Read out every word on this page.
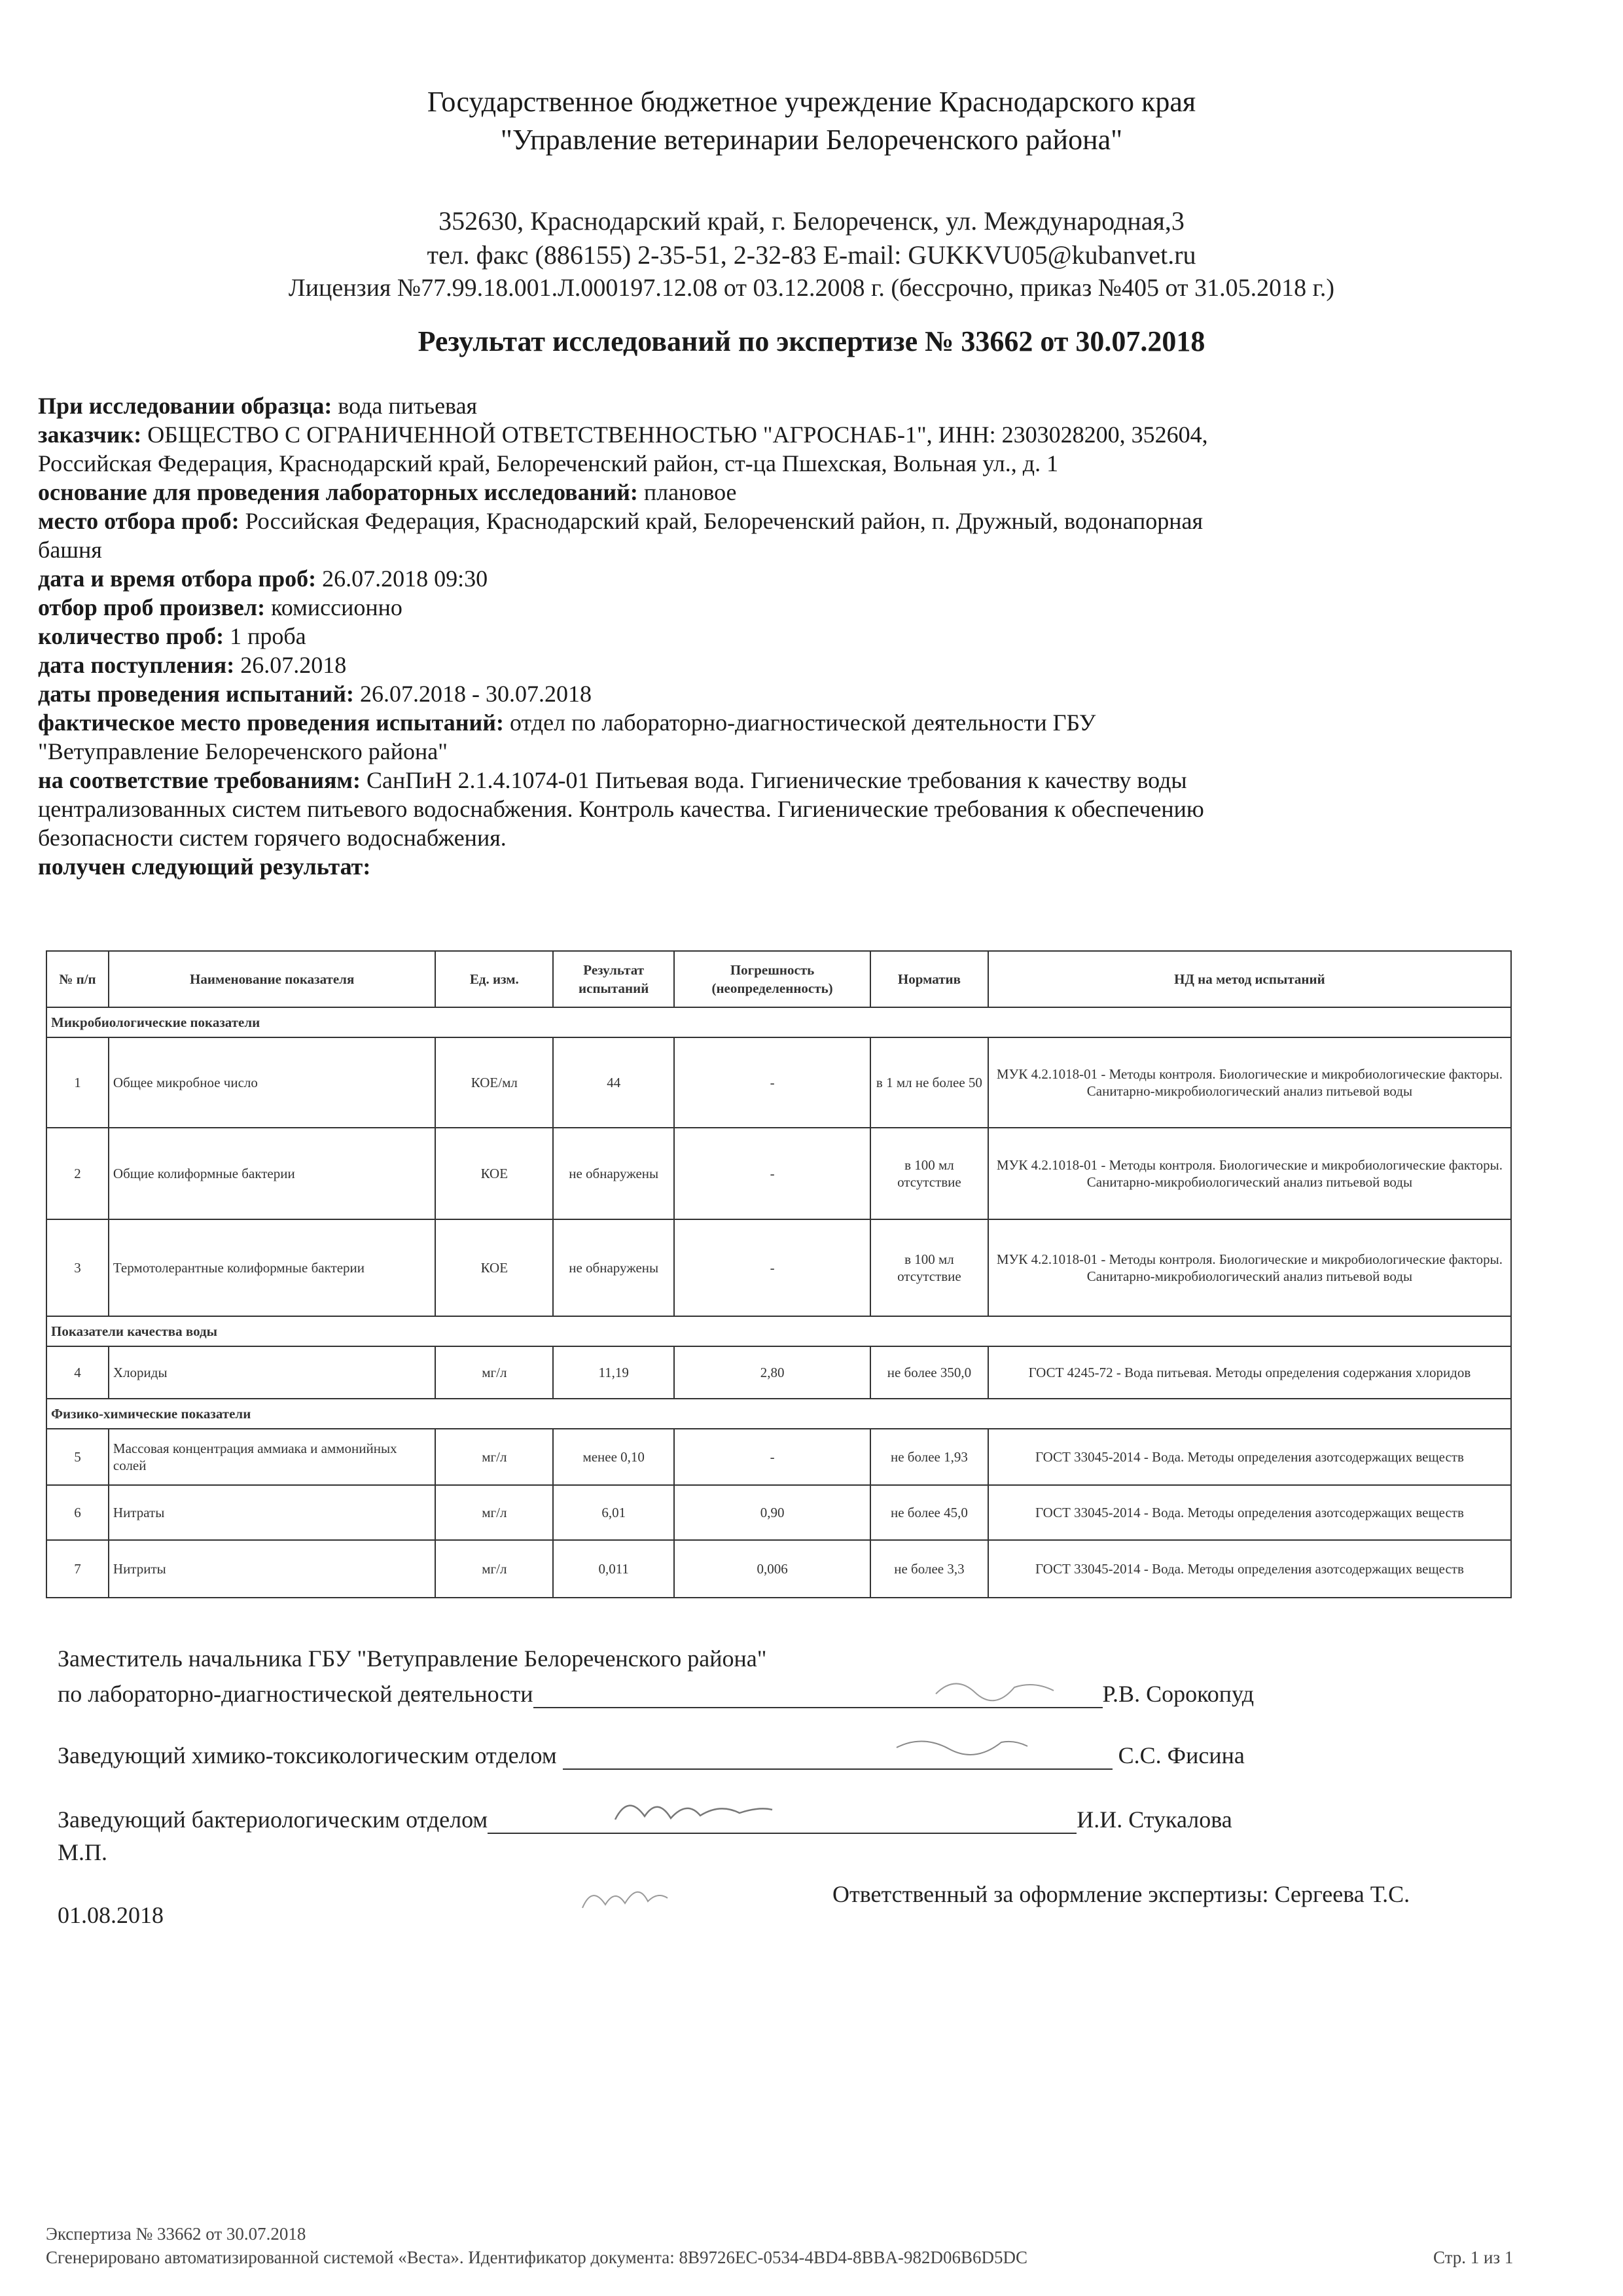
Государственное бюджетное учреждение Краснодарского края
"Управление ветеринарии Белореченского района"
352630, Краснодарский край, г. Белореченск, ул. Международная,3
тел. факс (886155) 2-35-51, 2-32-83 E-mail: GUKKVU05@kubanvet.ru
Лицензия №77.99.18.001.Л.000197.12.08 от 03.12.2008 г. (бессрочно, приказ №405 от 31.05.2018 г.)
Результат исследований по экспертизе № 33662 от 30.07.2018

При исследовании образца: вода питьевая

заказчик: ОБЩЕСТВО С ОГРАНИЧЕННОЙ ОТВЕТСТВЕННОСТЬЮ "АГРОСНАБ-1", ИНН: 2303028200, 352604,

Российская Федерация, Краснодарский край, Белореченский район, ст-ца Пшехская, Вольная ул., д. 1

основание для проведения лабораторных исследований: плановое

место отбора проб: Российская Федерация, Краснодарский край, Белореченский район, п. Дружный, водонапорная

башня

дата и время отбора проб: 26.07.2018 09:30

отбор проб произвел: комиссионно

количество проб: 1 проба

дата поступления: 26.07.2018

даты проведения испытаний: 26.07.2018 - 30.07.2018

фактическое место проведения испытаний: отдел по лабораторно-диагностической деятельности ГБУ

"Ветуправление Белореченского района"

на соответствие требованиям: СанПиН 2.1.4.1074-01 Питьевая вода. Гигиенические требования к качеству воды

централизованных систем питьевого водоснабжения. Контроль качества. Гигиенические требования к обеспечению

безопасности систем горячего водоснабжения.

получен следующий результат:

№ п/п	Наименование показателя	Ед. изм.	Результат испытаний	Погрешность (неопределенность)	Норматив	НД на метод испытаний
Микробиологические показатели						
1	Общее микробное число	КОЕ/мл	44	-	в 1 мл не более 50	МУК 4.2.1018-01 - Методы контроля. Биологические и микробиологические факторы. Санитарно-микробиологический анализ питьевой воды
2	Общие колиформные бактерии	КОЕ	не обнаружены	-	в 100 мл отсутствие	МУК 4.2.1018-01 - Методы контроля. Биологические и микробиологические факторы. Санитарно-микробиологический анализ питьевой воды
3	Термотолерантные колиформные бактерии	КОЕ	не обнаружены	-	в 100 мл отсутствие	МУК 4.2.1018-01 - Методы контроля. Биологические и микробиологические факторы. Санитарно-микробиологический анализ питьевой воды
Показатели качества воды						
4	Хлориды	мг/л	11,19	2,80	не более 350,0	ГОСТ 4245-72 - Вода питьевая. Методы определения содержания хлоридов
Физико-химические показатели						
5	Массовая концентрация аммиака и аммонийных солей	мг/л	менее 0,10	-	не более 1,93	ГОСТ 33045-2014 - Вода. Методы определения азотсодержащих веществ
6	Нитраты	мг/л	6,01	0,90	не более 45,0	ГОСТ 33045-2014 - Вода. Методы определения азотсодержащих веществ
7	Нитриты	мг/л	0,011	0,006	не более 3,3	ГОСТ 33045-2014 - Вода. Методы определения азотсодержащих веществ
Заместитель начальника ГБУ "Ветуправление Белореченского района"
по лабораторно-диагностической деятельности	Р.В. Сорокопуд
Заведующий химико-токсикологическим отделом	С.С. Фисина
Заведующий бактериологическим отделом	И.И. Стукалова
М.П.
01.08.2018
Ответственный за оформление экспертизы: Сергеева Т.С.
Экспертиза № 33662 от 30.07.2018
Сгенерировано автоматизированной системой «Веста». Идентификатор документа: 8B9726EC-0534-4BD4-8BBA-982D06B6D5DC	Стр. 1 из 1
